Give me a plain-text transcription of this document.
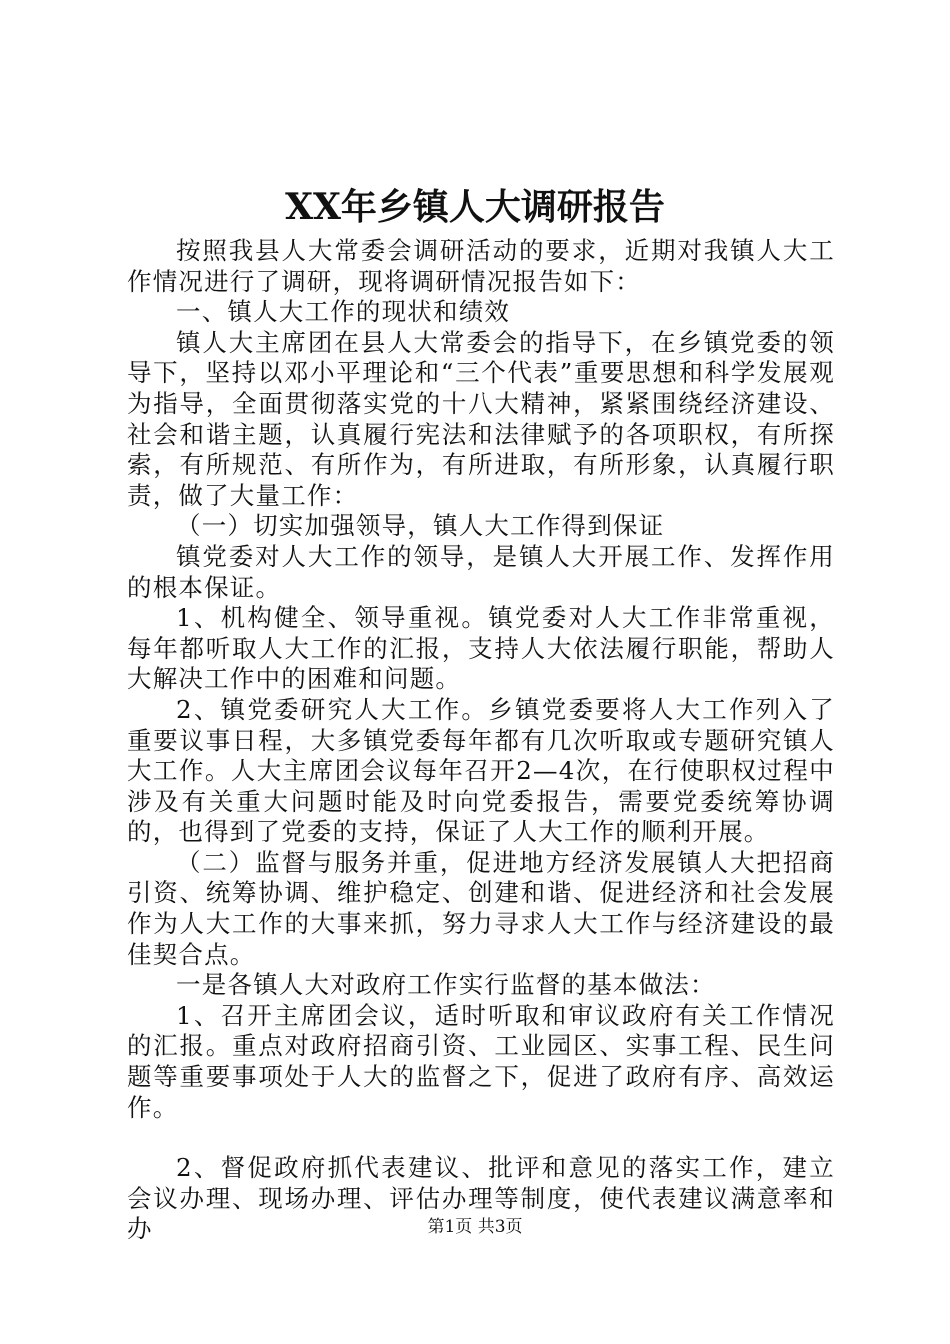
XX年乡镇人大调研报告

按照我县人大常委会调研活动的要求，近期对我镇人大工作情况进行了调研，现将调研情况报告如下：

一、镇人大工作的现状和绩效

镇人大主席团在县人大常委会的指导下，在乡镇党委的领导下，坚持以邓小平理论和“三个代表”重要思想和科学发展观为指导，全面贯彻落实党的十八大精神，紧紧围绕经济建设、社会和谐主题，认真履行宪法和法律赋予的各项职权，有所探索，有所规范、有所作为，有所进取，有所形象，认真履行职责，做了大量工作：

（一）切实加强领导，镇人大工作得到保证

镇党委对人大工作的领导，是镇人大开展工作、发挥作用的根本保证。

1、机构健全、领导重视。镇党委对人大工作非常重视，每年都听取人大工作的汇报，支持人大依法履行职能，帮助人大解决工作中的困难和问题。

2、镇党委研究人大工作。乡镇党委要将人大工作列入了重要议事日程，大多镇党委每年都有几次听取或专题研究镇人大工作。人大主席团会议每年召开2—4次，在行使职权过程中涉及有关重大问题时能及时向党委报告，需要党委统筹协调的，也得到了党委的支持，保证了人大工作的顺利开展。

（二）监督与服务并重，促进地方经济发展镇人大把招商引资、统筹协调、维护稳定、创建和谐、促进经济和社会发展作为人大工作的大事来抓，努力寻求人大工作与经济建设的最佳契合点。

一是各镇人大对政府工作实行监督的基本做法：

1、召开主席团会议，适时听取和审议政府有关工作情况的汇报。重点对政府招商引资、工业园区、实事工程、民生问题等重要事项处于人大的监督之下，促进了政府有序、高效运作。

2、督促政府抓代表建议、批评和意见的落实工作，建立会议办理、现场办理、评估办理等制度，使代表建议满意率和办	第1页 共3页
